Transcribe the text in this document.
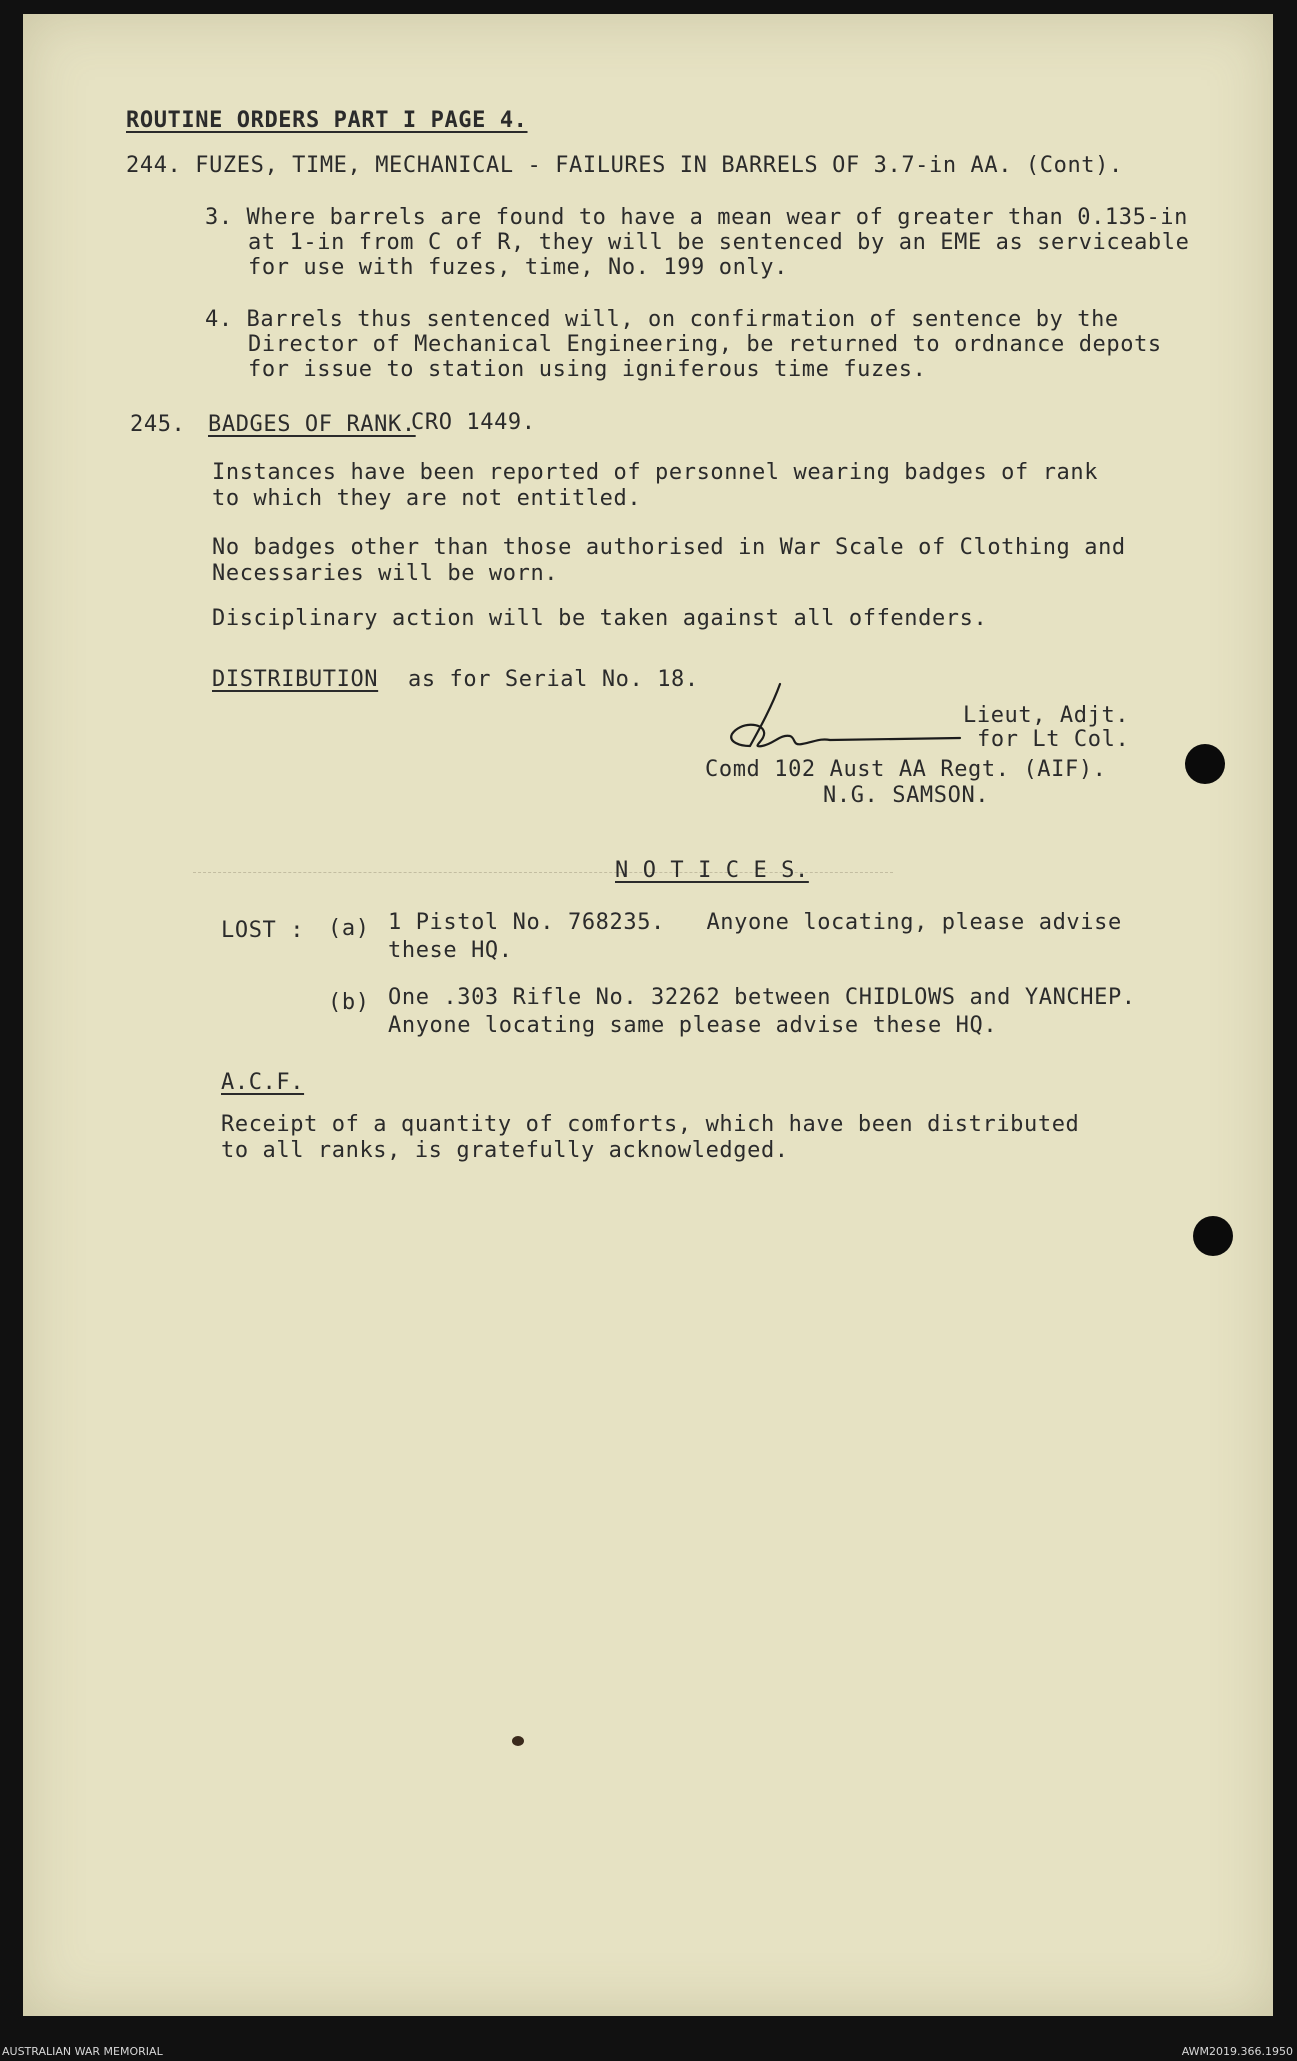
ROUTINE ORDERS PART I PAGE 4.
244. FUZES, TIME, MECHANICAL - FAILURES IN BARRELS OF 3.7-in AA. (Cont).
3. Where barrels are found to have a mean wear of greater than 0.135-in
at 1-in from C of R, they will be sentenced by an EME as serviceable
for use with fuzes, time, No. 199 only.
4. Barrels thus sentenced will, on confirmation of sentence by the
Director of Mechanical Engineering, be returned to ordnance depots
for issue to station using igniferous time fuzes.
245. BADGES OF RANK.
CRO 1449.
Instances have been reported of personnel wearing badges of rank
to which they are not entitled.
No badges other than those authorised in War Scale of Clothing and
Necessaries will be worn.
Disciplinary action will be taken against all offenders.
DISTRIBUTION as for Serial No. 18.
Lieut, Adjt.
for Lt Col.
Comd 102 Aust AA Regt. (AIF).
N.G. SAMSON.
N O T I C E S.
LOST : (a) 1 Pistol No. 768235.   Anyone locating, please advise
these HQ.
(b) One .303 Rifle No. 32262 between CHIDLOWS and YANCHEP.
Anyone locating same please advise these HQ.
A.C.F.
Receipt of a quantity of comforts, which have been distributed
to all ranks, is gratefully acknowledged.
AUSTRALIAN WAR MEMORIAL	AWM2019.366.1950
